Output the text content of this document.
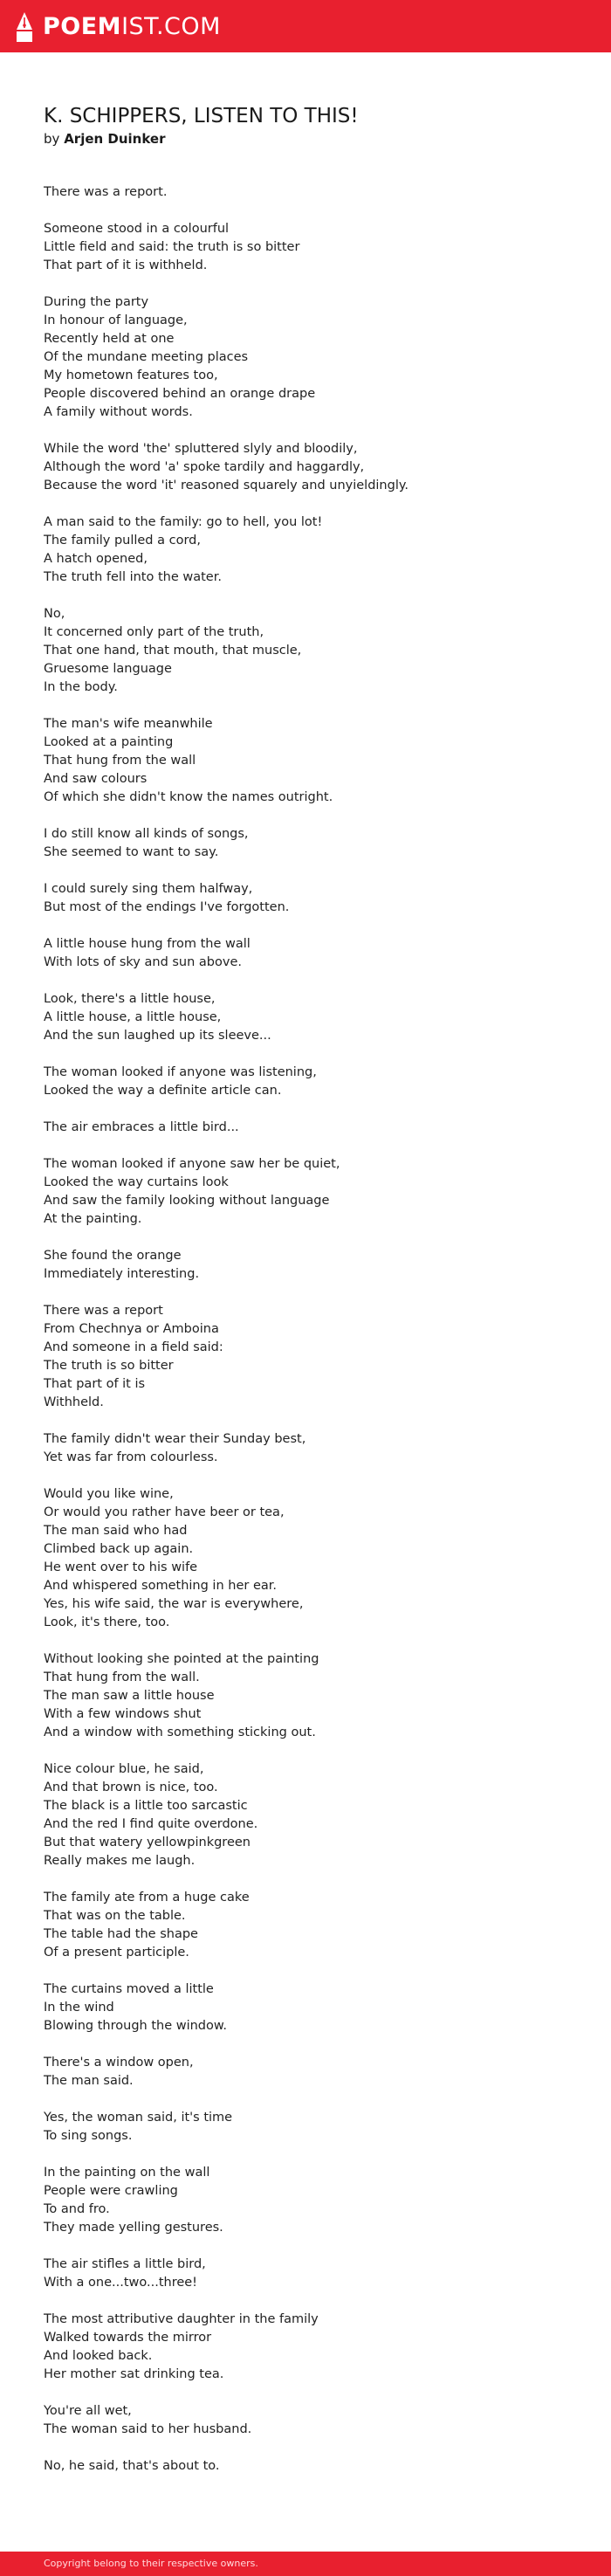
POEMIST.COM
K. SCHIPPERS, LISTEN TO THIS!
by Arjen Duinker
There was a report.
Someone stood in a colourful
Little field and said: the truth is so bitter
That part of it is withheld.
During the party
In honour of language,
Recently held at one
Of the mundane meeting places
My hometown features too,
People discovered behind an orange drape
A family without words.
While the word 'the' spluttered slyly and bloodily,
Although the word 'a' spoke tardily and haggardly,
Because the word 'it' reasoned squarely and unyieldingly.
A man said to the family: go to hell, you lot!
The family pulled a cord,
A hatch opened,
The truth fell into the water.
No,
It concerned only part of the truth,
That one hand, that mouth, that muscle,
Gruesome language
In the body.
The man's wife meanwhile
Looked at a painting
That hung from the wall
And saw colours
Of which she didn't know the names outright.
I do still know all kinds of songs,
She seemed to want to say.
I could surely sing them halfway,
But most of the endings I've forgotten.
A little house hung from the wall
With lots of sky and sun above.
Look, there's a little house,
A little house, a little house,
And the sun laughed up its sleeve...
The woman looked if anyone was listening,
Looked the way a definite article can.
The air embraces a little bird...
The woman looked if anyone saw her be quiet,
Looked the way curtains look
And saw the family looking without language
At the painting.
She found the orange
Immediately interesting.
There was a report
From Chechnya or Amboina
And someone in a field said:
The truth is so bitter
That part of it is
Withheld.
The family didn't wear their Sunday best,
Yet was far from colourless.
Would you like wine,
Or would you rather have beer or tea,
The man said who had
Climbed back up again.
He went over to his wife
And whispered something in her ear.
Yes, his wife said, the war is everywhere,
Look, it's there, too.
Without looking she pointed at the painting
That hung from the wall.
The man saw a little house
With a few windows shut
And a window with something sticking out.
Nice colour blue, he said,
And that brown is nice, too.
The black is a little too sarcastic
And the red I find quite overdone.
But that watery yellowpinkgreen
Really makes me laugh.
The family ate from a huge cake
That was on the table.
The table had the shape
Of a present participle.
The curtains moved a little
In the wind
Blowing through the window.
There's a window open,
The man said.
Yes, the woman said, it's time
To sing songs.
In the painting on the wall
People were crawling
To and fro.
They made yelling gestures.
The air stifles a little bird,
With a one...two...three!
The most attributive daughter in the family
Walked towards the mirror
And looked back.
Her mother sat drinking tea.
You're all wet,
The woman said to her husband.
No, he said, that's about to.
Copyright belong to their respective owners.
